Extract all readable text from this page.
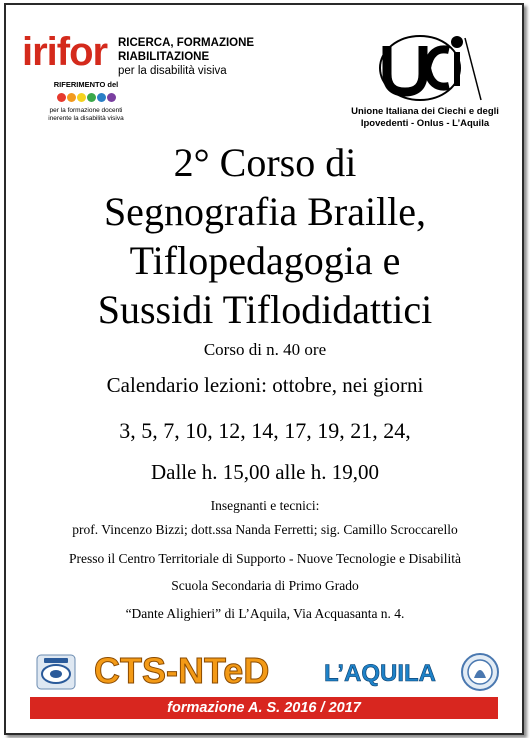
irifor RICERCA, FORMAZIONE
RIABILITAZIONE
per la disabilità visiva
RIFERIMENTO del
per la formazione docenti
inerente la disabilità visiva
Unione Italiana dei Ciechi e degli
Ipovedenti - Onlus - L’Aquila
2° Corso di
Segnografia Braille,
Tiflopedagogia e
Sussidi Tiflodidattici
Corso di n. 40 ore
Calendario lezioni: ottobre, nei giorni
3, 5, 7, 10, 12, 14, 17, 19, 21, 24,
Dalle h. 15,00 alle h. 19,00
Insegnanti e tecnici:
prof. Vincenzo Bizzi; dott.ssa Nanda Ferretti; sig. Camillo Scroccarello
Presso il Centro Territoriale di Supporto - Nuove Tecnologie e Disabilità
Scuola Secondaria di Primo Grado
“Dante Alighieri” di L’Aquila, Via Acquasanta n. 4.
CTS-NTeD L’AQUILA
formazione A. S. 2016 / 2017
